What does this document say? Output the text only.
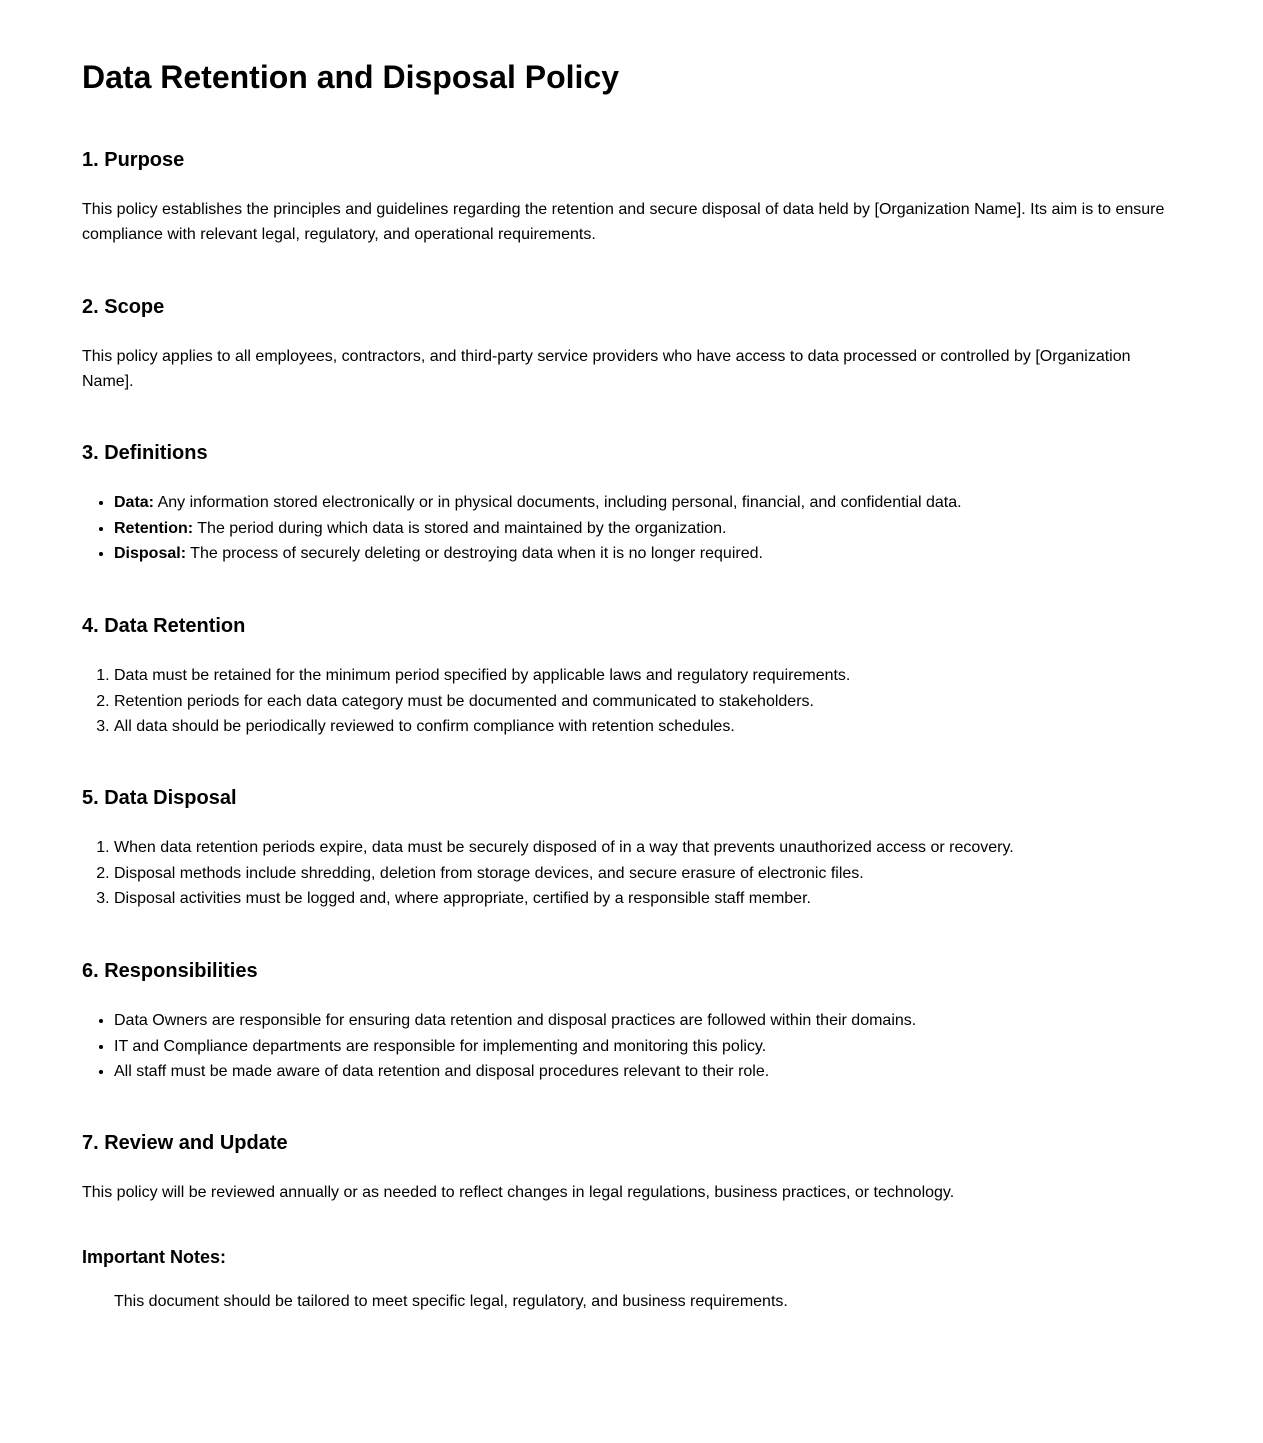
Data Retention and Disposal Policy
1. Purpose

This policy establishes the principles and guidelines regarding the retention and secure disposal of data held by [Organization Name]. Its aim is to ensure compliance with relevant legal, regulatory, and operational requirements.

2. Scope

This policy applies to all employees, contractors, and third-party service providers who have access to data processed or controlled by [Organization Name].

3. Definitions
• Data: Any information stored electronically or in physical documents, including personal, financial, and confidential data.
• Retention: The period during which data is stored and maintained by the organization.
• Disposal: The process of securely deleting or destroying data when it is no longer required.
4. Data Retention
1. Data must be retained for the minimum period specified by applicable laws and regulatory requirements.
2. Retention periods for each data category must be documented and communicated to stakeholders.
3. All data should be periodically reviewed to confirm compliance with retention schedules.
5. Data Disposal
1. When data retention periods expire, data must be securely disposed of in a way that prevents unauthorized access or recovery.
2. Disposal methods include shredding, deletion from storage devices, and secure erasure of electronic files.
3. Disposal activities must be logged and, where appropriate, certified by a responsible staff member.
6. Responsibilities
• Data Owners are responsible for ensuring data retention and disposal practices are followed within their domains.
• IT and Compliance departments are responsible for implementing and monitoring this policy.
• All staff must be made aware of data retention and disposal procedures relevant to their role.
7. Review and Update

This policy will be reviewed annually or as needed to reflect changes in legal regulations, business practices, or technology.

Important Notes:
This document should be tailored to meet specific legal, regulatory, and business requirements.
